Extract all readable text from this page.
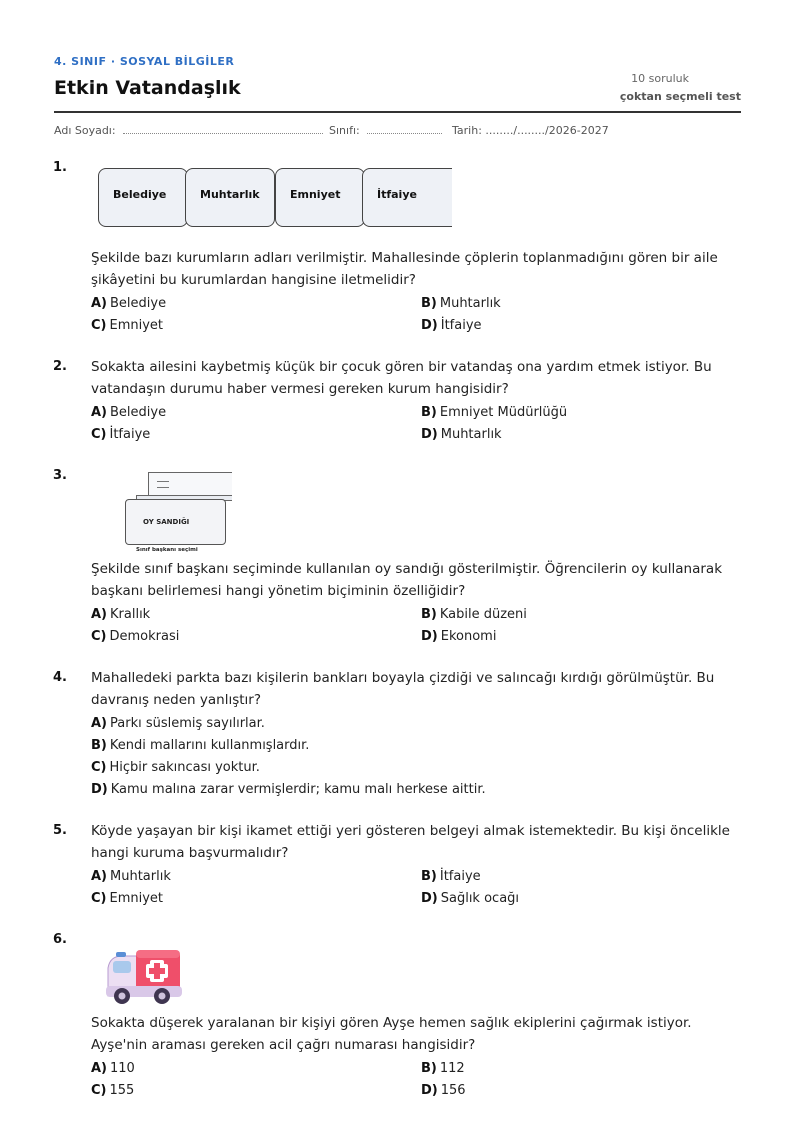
4. SINIF · SOSYAL BİLGİLER
Etkin Vatandaşlık	10 soruluk
çoktan seçmeli test
Adı Soyadı:	Sınıfı:	Tarih: ......../......../2026-2027
1.
Belediye	Muhtarlık	Emniyet	İtfaiye
Şekilde bazı kurumların adları verilmiştir. Mahallesinde çöplerin toplanmadığını gören bir aile şikâyetini bu kurumlardan hangisine iletmelidir?
A) Belediye	B) Muhtarlık
C) Emniyet	D) İtfaiye
2. Sokakta ailesini kaybetmiş küçük bir çocuk gören bir vatandaş ona yardım etmek istiyor. Bu vatandaşın durumu haber vermesi gereken kurum hangisidir?
A) Belediye	B) Emniyet Müdürlüğü
C) İtfaiye	D) Muhtarlık
3.
OY SANDIĞI
Sınıf başkanı seçimi
Şekilde sınıf başkanı seçiminde kullanılan oy sandığı gösterilmiştir. Öğrencilerin oy kullanarak başkanı belirlemesi hangi yönetim biçiminin özelliğidir?
A) Krallık	B) Kabile düzeni
C) Demokrasi	D) Ekonomi
4. Mahalledeki parkta bazı kişilerin bankları boyayla çizdiği ve salıncağı kırdığı görülmüştür. Bu davranış neden yanlıştır?
A) Parkı süslemiş sayılırlar.
B) Kendi mallarını kullanmışlardır.
C) Hiçbir sakıncası yoktur.
D) Kamu malına zarar vermişlerdir; kamu malı herkese aittir.
5. Köyde yaşayan bir kişi ikamet ettiği yeri gösteren belgeyi almak istemektedir. Bu kişi öncelikle hangi kuruma başvurmalıdır?
A) Muhtarlık	B) İtfaiye
C) Emniyet	D) Sağlık ocağı
6.
Sokakta düşerek yaralanan bir kişiyi gören Ayşe hemen sağlık ekiplerini çağırmak istiyor. Ayşe'nin araması gereken acil çağrı numarası hangisidir?
A) 110	B) 112
C) 155	D) 156
